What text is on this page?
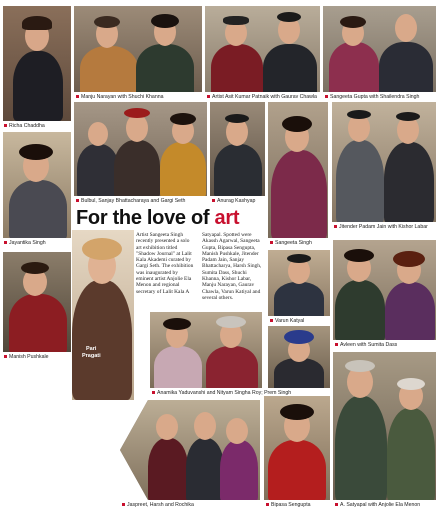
Richa Chaddha
Manju Narayan with Shuchi Khanna	Artist Asit Kumar Patnaik with Gaurav Chawla	Sangeeta Gupta with Shailendra Singh
Bulbul, Sanjay Bhattacharaya and Gargi Seth	Anurag Kashyap
Jayantika Singh	Sangeeta Singh
Jitender Padam Jain with Kishor Labar
For the love of art
Artist Sangeeta Singh recently presented a solo art exhibition titled "Shadow Journal" at Lalit Kala Akademi curated by Gargi Seth. The exhibition was inaugurated by eminent artist Anjolie Ela Menon and regional secretary of Lalit Kala A
Satyapal. Spotted were Akassh Agarwal, Sangeeta Gupta, Bipasa Sengupta, Manish Pushkale, Jitender Padam Jain, Sanjay Bhattacharya, Harsh Singh, Sumita Dass, Shuchi Khanna, Kishor Labar, Manju Narayan, Gaurav Chawla, Varun Katiyal and several others.
Pari
Pragati
Manish Pushkale
Varun Katyal
Avleen with Sumita Dass
Anamika Yaduvanshi and Nityam Singha Roy; Prem Singh
Jaspreet, Harsh and Rochika	Bipasa Sengupta	A. Satyapal with Anjolie Ela Menon
